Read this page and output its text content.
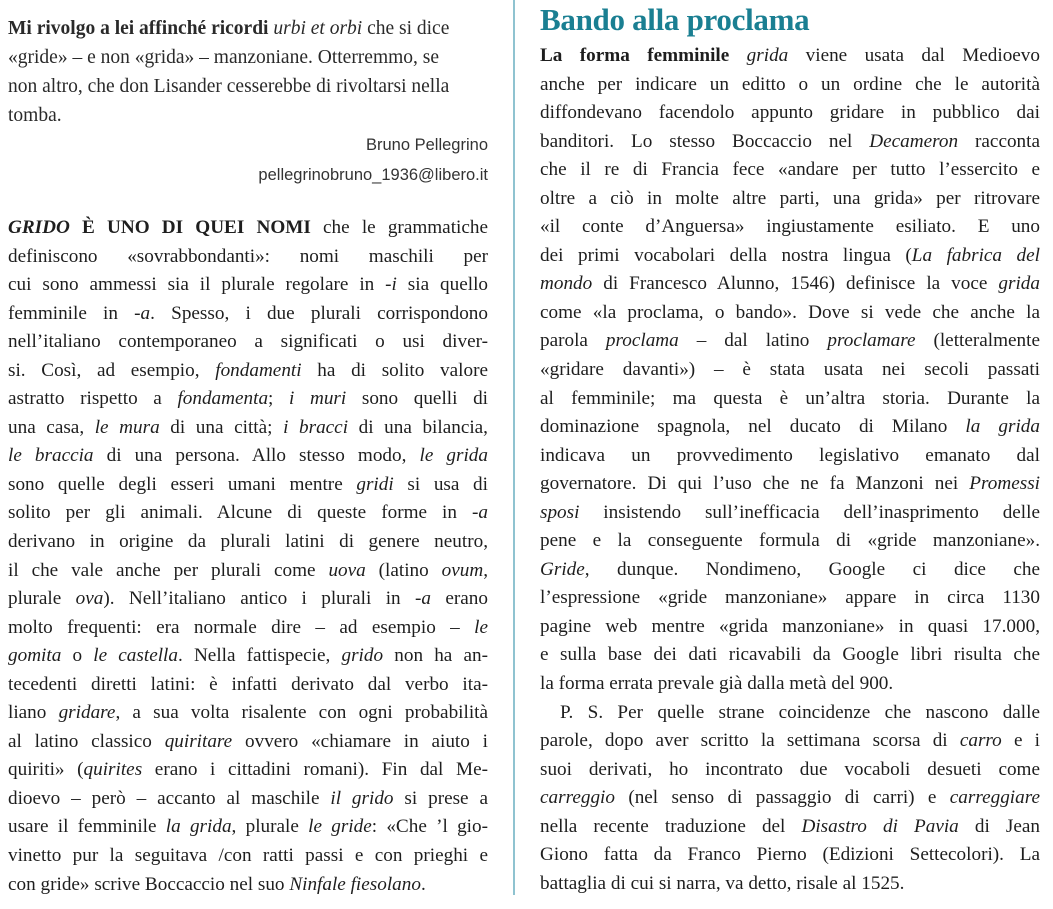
Mi rivolgo a lei affinché ricordi urbi et orbi che si dice
«gride» – e non «grida» – manzoniane. Otterremmo, se
non altro, che don Lisander cesserebbe di rivoltarsi nella
tomba.
Bruno Pellegrino
pellegrinobruno_1936@libero.it
GRIDO È UNO DI QUEI NOMI che le grammatiche
definiscono «sovrabbondanti»: nomi maschili per
cui sono ammessi sia il plurale regolare in -i sia quello
femminile in -a. Spesso, i due plurali corrispondono
nell’italiano contemporaneo a significati o usi diver-
si. Così, ad esempio, fondamenti ha di solito valore
astratto rispetto a fondamenta; i muri sono quelli di
una casa, le mura di una città; i bracci di una bilancia,
le braccia di una persona. Allo stesso modo, le grida
sono quelle degli esseri umani mentre gridi si usa di
solito per gli animali. Alcune di queste forme in -a
derivano in origine da plurali latini di genere neutro,
il che vale anche per plurali come uova (latino ovum,
plurale ova). Nell’italiano antico i plurali in -a erano
molto frequenti: era normale dire – ad esempio – le
gomita o le castella. Nella fattispecie, grido non ha an-
tecedenti diretti latini: è infatti derivato dal verbo ita-
liano gridare, a sua volta risalente con ogni probabilità
al latino classico quiritare ovvero «chiamare in aiuto i
quiriti» (quirites erano i cittadini romani). Fin dal Me-
dioevo – però – accanto al maschile il grido si prese a
usare il femminile la grida, plurale le gride: «Che ’l gio-
vinetto pur la seguitava /con ratti passi e con prieghi e
con gride» scrive Boccaccio nel suo Ninfale fiesolano.
Bando alla proclama
La forma femminile grida viene usata dal Medioevo
anche per indicare un editto o un ordine che le autorità
diffondevano facendolo appunto gridare in pubblico dai
banditori. Lo stesso Boccaccio nel Decameron racconta
che il re di Francia fece «andare per tutto l’essercito e
oltre a ciò in molte altre parti, una grida» per ritrovare
«il conte d’Anguersa» ingiustamente esiliato. E uno
dei primi vocabolari della nostra lingua (La fabrica del
mondo di Francesco Alunno, 1546) definisce la voce grida
come «la proclama, o bando». Dove si vede che anche la
parola proclama – dal latino proclamare (letteralmente
«gridare davanti») – è stata usata nei secoli passati
al femminile; ma questa è un’altra storia. Durante la
dominazione spagnola, nel ducato di Milano la grida
indicava un provvedimento legislativo emanato dal
governatore. Di qui l’uso che ne fa Manzoni nei Promessi
sposi insistendo sull’inefficacia dell’inasprimento delle
pene e la conseguente formula di «gride manzoniane».
Gride, dunque. Nondimeno, Google ci dice che
l’espressione «gride manzoniane» appare in circa 1130
pagine web mentre «grida manzoniane» in quasi 17.000,
e sulla base dei dati ricavabili da Google libri risulta che
la forma errata prevale già dalla metà del 900.
P. S. Per quelle strane coincidenze che nascono dalle
parole, dopo aver scritto la settimana scorsa di carro e i
suoi derivati, ho incontrato due vocaboli desueti come
carreggio (nel senso di passaggio di carri) e carreggiare
nella recente traduzione del Disastro di Pavia di Jean
Giono fatta da Franco Pierno (Edizioni Settecolori). La
battaglia di cui si narra, va detto, risale al 1525.
